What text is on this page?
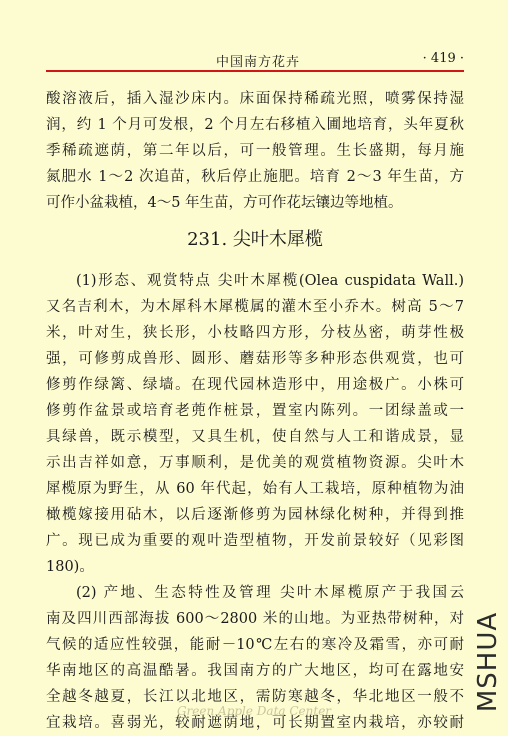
中国南方花卉	· 419 ·
酸溶液后，插入湿沙床内。床面保持稀疏光照，喷雾保持湿
润，约 1 个月可发根，2 个月左右移植入圃地培育，头年夏秋
季稀疏遮荫，第二年以后，可一般管理。生长盛期，每月施
氮肥水 1～2 次追苗，秋后停止施肥。培育 2～3 年生苗，方
可作小盆栽植，4～5 年生苗，方可作花坛镶边等地植。
231. 尖叶木犀榄
(1)形态、观赏特点 尖叶木犀榄(Olea cuspidata Wall.)
又名吉利木，为木犀科木犀榄属的灌木至小乔木。树高 5～7
米，叶对生，狭长形，小枝略四方形，分枝丛密，萌芽性极
强，可修剪成兽形、圆形、蘑菇形等多种形态供观赏，也可
修剪作绿篱、绿墙。在现代园林造形中，用途极广。小株可
修剪作盆景或培育老蔸作桩景，置室内陈列。一团绿盖或一
具绿兽，既示模型，又具生机，使自然与人工和谐成景，显
示出吉祥如意，万事顺利，是优美的观赏植物资源。尖叶木
犀榄原为野生，从 60 年代起，始有人工栽培，原种植物为油
橄榄嫁接用砧木，以后逐渐修剪为园林绿化树种，并得到推
广。现已成为重要的观叶造型植物，开发前景较好（见彩图
180)。
(2) 产地、生态特性及管理 尖叶木犀榄原产于我国云
南及四川西部海拔 600～2800 米的山地。为亚热带树种，对
气候的适应性较强，能耐－10℃左右的寒冷及霜雪，亦可耐
华南地区的高温酷暑。我国南方的广大地区，均可在露地安
全越冬越夏，长江以北地区，需防寒越冬，华北地区一般不
宜栽培。喜弱光，较耐遮荫地，可长期置室内栽培，亦较耐
Green Apple Data Center	MSHUA
